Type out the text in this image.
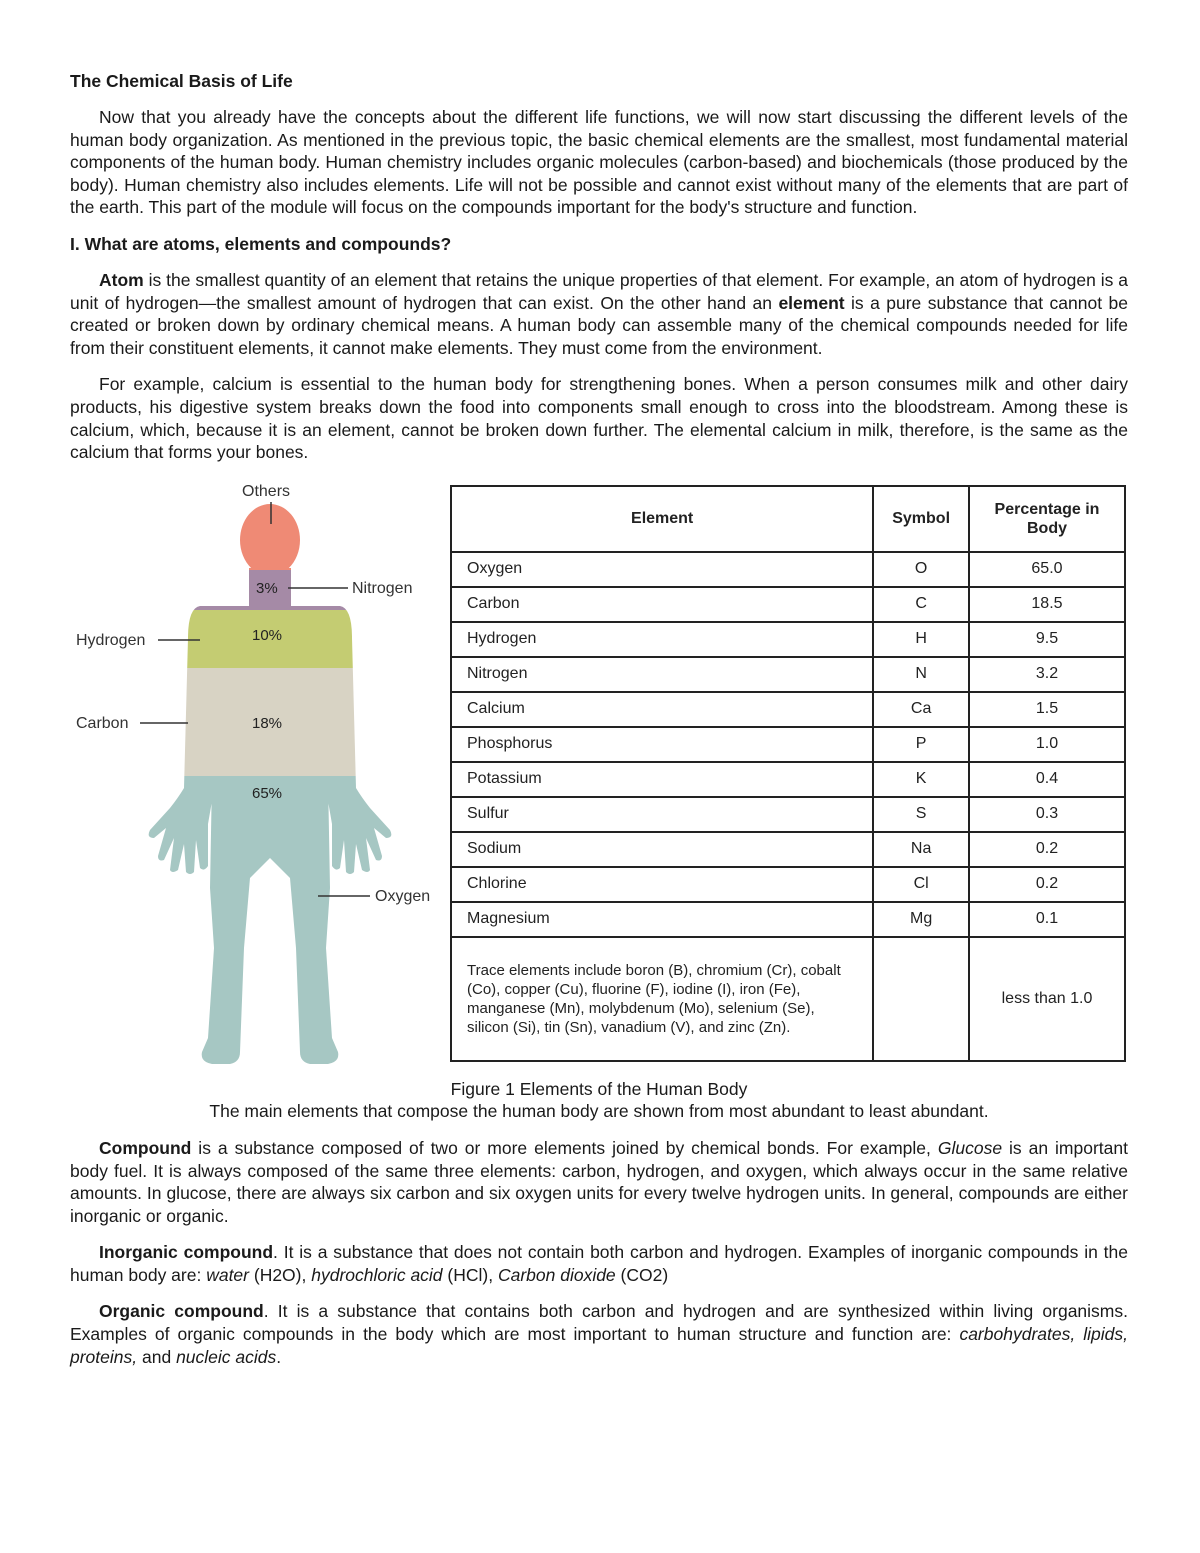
The Chemical Basis of Life

Now that you already have the concepts about the different life functions, we will now start discussing the different levels of the human body organization. As mentioned in the previous topic, the basic chemical elements are the smallest, most fundamental material components of the human body. Human chemistry includes organic molecules (carbon-based) and biochemicals (those produced by the body). Human chemistry also includes elements. Life will not be possible and cannot exist without many of the elements that are part of the earth. This part of the module will focus on the compounds important for the body's structure and function.

I. What are atoms, elements and compounds?

Atom is the smallest quantity of an element that retains the unique properties of that element. For example, an atom of hydrogen is a unit of hydrogen—the smallest amount of hydrogen that can exist. On the other hand an element is a pure substance that cannot be created or broken down by ordinary chemical means. A human body can assemble many of the chemical compounds needed for life from their constituent elements, it cannot make elements. They must come from the environment.

For example, calcium is essential to the human body for strengthening bones. When a person consumes milk and other dairy products, his digestive system breaks down the food into components small enough to cross into the bloodstream. Among these is calcium, which, because it is an element, cannot be broken down further. The elemental calcium in milk, therefore, is the same as the calcium that forms your bones.

Others
3%	Nitrogen
10%
Hydrogen
18%
Carbon
65%
Oxygen
Element	Symbol	Percentage in Body
Oxygen	O	65.0
Carbon	C	18.5
Hydrogen	H	9.5
Nitrogen	N	3.2
Calcium	Ca	1.5
Phosphorus	P	1.0
Potassium	K	0.4
Sulfur	S	0.3
Sodium	Na	0.2
Chlorine	Cl	0.2
Magnesium	Mg	0.1
Trace elements include boron (B), chromium (Cr), cobalt (Co), copper (Cu), fluorine (F), iodine (I), iron (Fe), manganese (Mn), molybdenum (Mo), selenium (Se), silicon (Si), tin (Sn), vanadium (V), and zinc (Zn).		less than 1.0
Figure 1 Elements of the Human Body
The main elements that compose the human body are shown from most abundant to least abundant.

Compound is a substance composed of two or more elements joined by chemical bonds. For example, Glucose is an important body fuel. It is always composed of the same three elements: carbon, hydrogen, and oxygen, which always occur in the same relative amounts. In glucose, there are always six carbon and six oxygen units for every twelve hydrogen units. In general, compounds are either inorganic or organic.

Inorganic compound. It is a substance that does not contain both carbon and hydrogen. Examples of inorganic compounds in the human body are: water (H2O), hydrochloric acid (HCl), Carbon dioxide (CO2)

Organic compound. It is a substance that contains both carbon and hydrogen and are synthesized within living organisms. Examples of organic compounds in the body which are most important to human structure and function are: carbohydrates, lipids, proteins, and nucleic acids.
